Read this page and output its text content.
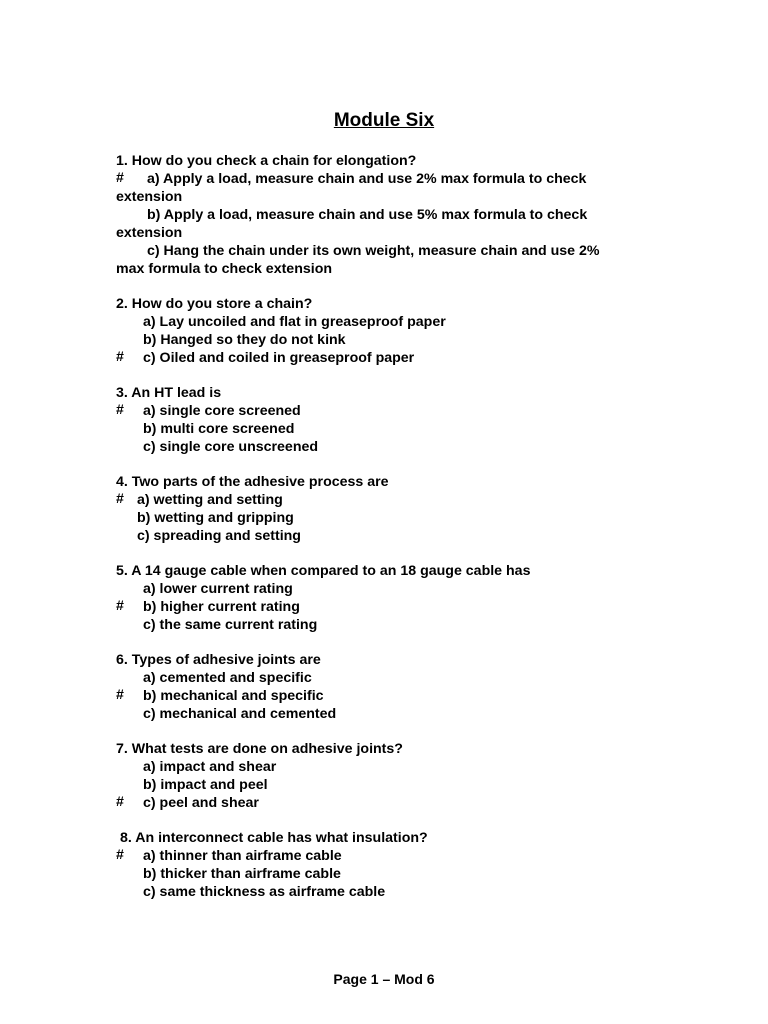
Module Six
1. How do you check a chain for elongation?
# a) Apply a load, measure chain and use 2% max formula to check
extension
b) Apply a load, measure chain and use 5% max formula to check
extension
c) Hang the chain under its own weight, measure chain and use 2%
max formula to check extension
2. How do you store a chain?
a) Lay uncoiled and flat in greaseproof paper
b) Hanged so they do not kink
# c) Oiled and coiled in greaseproof paper
3. An HT lead is
# a) single core screened
b) multi core screened
c) single core unscreened
4. Two parts of the adhesive process are
# a) wetting and setting
b) wetting and gripping
c) spreading and setting
5. A 14 gauge cable when compared to an 18 gauge cable has
a) lower current rating
# b) higher current rating
c) the same current rating
6. Types of adhesive joints are
a) cemented and specific
# b) mechanical and specific
c) mechanical and cemented
7. What tests are done on adhesive joints?
a) impact and shear
b) impact and peel
# c) peel and shear
8. An interconnect cable has what insulation?
# a) thinner than airframe cable
b) thicker than airframe cable
c) same thickness as airframe cable
Page 1 – Mod 6
